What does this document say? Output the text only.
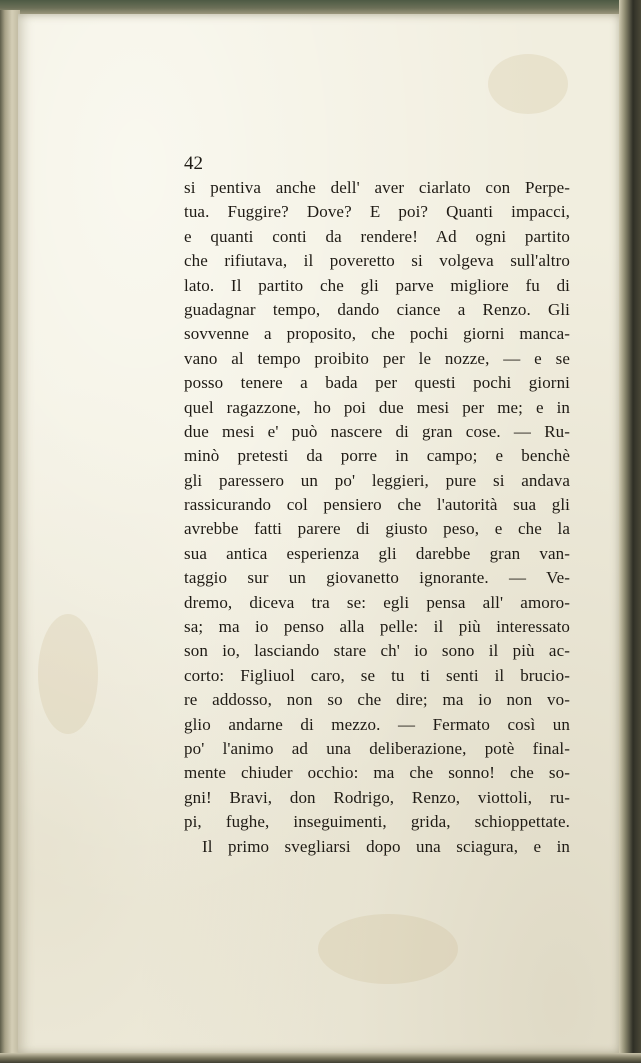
42
si pentiva anche dell' aver ciarlato con Perpe-
tua. Fuggire? Dove? E poi? Quanti impacci,
e quanti conti da rendere! Ad ogni partito
che rifiutava, il poveretto si volgeva sull'altro
lato. Il partito che gli parve migliore fu di
guadagnar tempo, dando ciance a Renzo. Gli
sovvenne a proposito, che pochi giorni manca-
vano al tempo proibito per le nozze, — e se
posso tenere a bada per questi pochi giorni
quel ragazzone, ho poi due mesi per me; e in
due mesi e' può nascere di gran cose. — Ru-
minò pretesti da porre in campo; e benchè
gli paressero un po' leggieri, pure si andava
rassicurando col pensiero che l'autorità sua gli
avrebbe fatti parere di giusto peso, e che la
sua antica esperienza gli darebbe gran van-
taggio sur un giovanetto ignorante. — Ve-
dremo, diceva tra se: egli pensa all' amoro-
sa; ma io penso alla pelle: il più interessato
son io, lasciando stare ch' io sono il più ac-
corto: Figliuol caro, se tu ti senti il brucio-
re addosso, non so che dire; ma io non vo-
glio andarne di mezzo. — Fermato così un
po' l'animo ad una deliberazione, potè final-
mente chiuder occhio: ma che sonno! che so-
gni! Bravi, don Rodrigo, Renzo, viottoli, ru-
pi, fughe, inseguimenti, grida, schioppettate.
Il primo svegliarsi dopo una sciagura, e in
